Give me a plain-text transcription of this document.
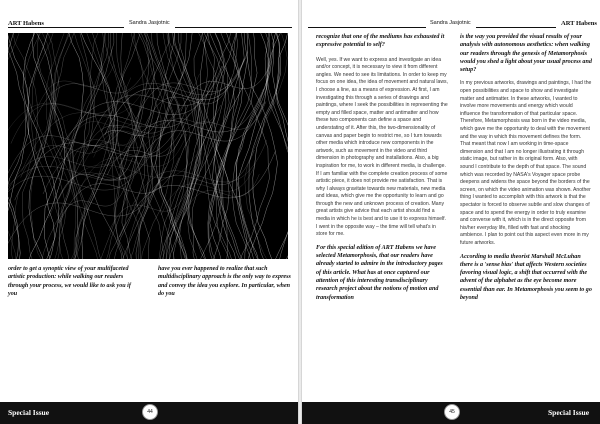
ART Habens	Sandra Jasjotnic

order to get a synoptic view of your multifaceted artistic production: while walking our readers through your process, we would like to ask you if you

have you ever happened to realize that such multidisciplinary approach is the only way to express and convey the idea you explore. In particular, when do you

Special Issue	44
Sandra Jasjotnic	ART Habens

recognize that one of the mediums has exhausted it expressive potential to self?

Well, yes. If we want to express and investigate an idea and/or concept, it is necessary to view it from different angles. We need to see its limitations. In order to keep my focus on one idea, the idea of movement and natural laws, I choose a line, as a means of expression. At first, I am investigating this through a series of drawings and paintings, where I seek the possibilities in representing the empty and filled space, matter and antimatter and how these two components can define a space and understating of it. After this, the two-dimensionality of canvas and paper begin to restrict me, so I turn towards other media which introduce new components in the artwork, such as movement in the video and third dimension in photography and installations. Also, a big inspiration for me, to work in different media, is challenge. If I am familiar with the complete creation process of some artistic piece, it does not provide me satisfaction. That is why I always gravitate towards new materials, new media and ideas, which give me the opportunity to learn and go through the new and unknown process of creation. Many great artists give advice that each artist should find a media in which he is best and to use it to express himself. I went in the opposite way – the time will tell what's in store for me.

For this special edition of ART Habens we have selected Metamorphosis, that our readers have already started to admire in the introductory pages of this article. What has at once captured our attention of this interesting transdisciplinary research project about the notions of motion and transformation

is the way you provided the visual results of your analysis with autonomous aesthetics: when walking our readers through the genesis of Metamorphosis would you shed a light about your usual process and setup?

In my previous artworks, drawings and paintings, I had the open possibilities and space to show and investigate matter and antimatter. In these artworks, I wanted to involve more movements and energy which would influence the transformation of that particular space. Therefore, Metamorphosis was born in the video media, which gave me the opportunity to deal with the movement and the way in which this movement defines the form. That meant that now I am working in time-space dimension and that I am no longer illustrating it through static image, but rather in its original form. Also, with sound I contribute to the depth of that space. The sound which was recorded by NASA's Voyager space probe deepens and widens the space beyond the borders of the screen, on which the video animation was shown. Another thing I wanted to accomplish with this artwork is that the spectator is forced to observe subtle and slow changes of space and to spend the energy in order to truly examine and converse with it, which is in the direct opposite from his/her everyday life, filled with fast and shocking ambience. I plan to point out this aspect even more in my future artworks.

According to media theorist Marshall McLuhan there is a 'sense bias' that affects Western societies favoring visual logic, a shift that occurred with the advent of the alphabet as the eye become more essential than ear. In Metamorphosis you seem to go beyond

45	Special Issue
